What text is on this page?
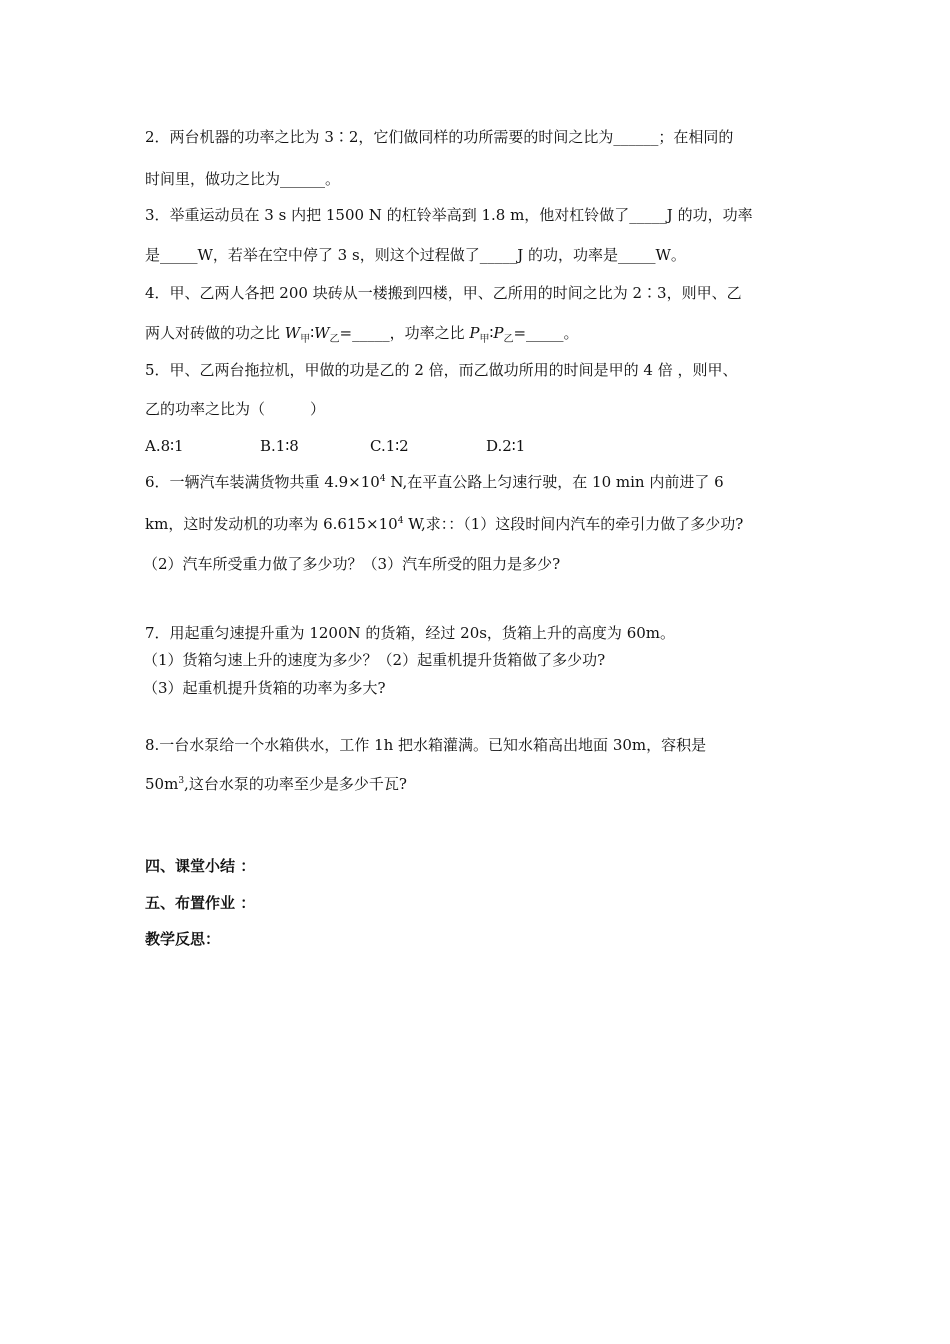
2．两台机器的功率之比为 3∶2，它们做同样的功所需要的时间之比为______；在相同的
时间里，做功之比为______。
3．举重运动员在 3 s 内把 1500 N 的杠铃举高到 1.8 m，他对杠铃做了_____J 的功，功率
是_____W，若举在空中停了 3 s，则这个过程做了_____J 的功，功率是_____W。
4．甲、乙两人各把 200 块砖从一楼搬到四楼，甲、乙所用的时间之比为 2∶3，则甲、乙
两人对砖做的功之比 $W_甲∶W_乙=\_\_\_\_\_$，功率之比 $P_甲∶P_乙=\_\_\_\_\_$。
5．甲、乙两台拖拉机，甲做的功是乙的 2 倍，而乙做功所用的时间是甲的 4 倍 ，则甲、
乙的功率之比为（　　　）
A.8∶1	B.1∶8	C.1∶2	D.2∶1
6．一辆汽车装满货物共重 $4.9\times 10^4$ N,在平直公路上匀速行驶，在 10 min 内前进了 6
km，这时发动机的功率为 $6.615\times 10^4$ W,求：：（1）这段时间内汽车的牵引力做了多少功?
（2）汽车所受重力做了多少功？（3）汽车所受的阻力是多少?
7．用起重匀速提升重为 1200N 的货箱，经过 20s，货箱上升的高度为 60m。
（1）货箱匀速上升的速度为多少？（2）起重机提升货箱做了多少功?
（3）起重机提升货箱的功率为多大?
8.一台水泵给一个水箱供水，工作 1h 把水箱灌满。已知水箱高出地面 30m，容积是
$50m^3$,这台水泵的功率至少是多少千瓦?
四、课堂小结 ：
五、布置作业 ：
教学反思：
